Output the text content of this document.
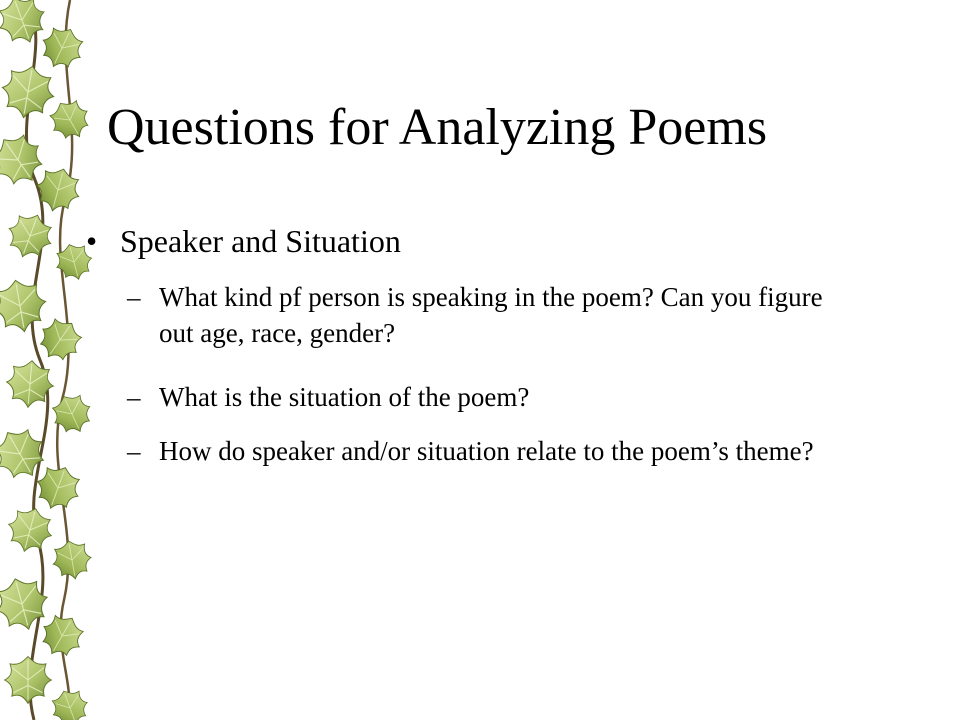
Questions for Analyzing Poems
• Speaker and Situation
– What kind pf person is speaking in the poem? Can you figure out age, race, gender?
– What is the situation of the poem?
– How do speaker and/or situation relate to the poem’s theme?
